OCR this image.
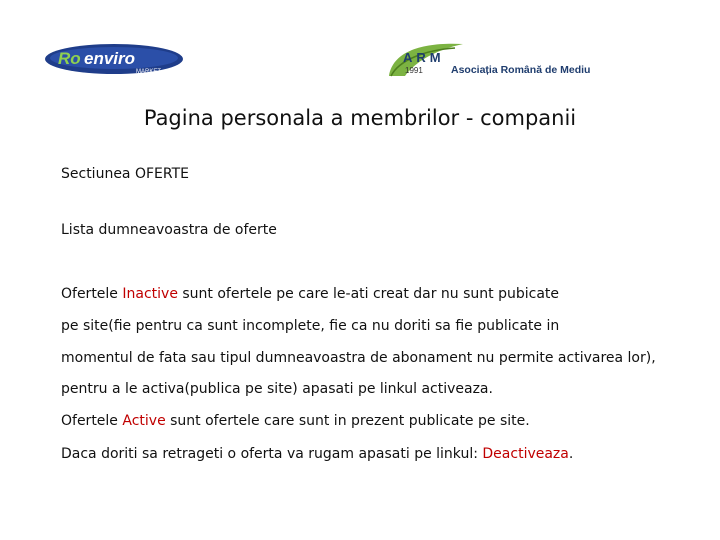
Ro enviro
MARKET
ARM
1991	Asociația Română de Mediu
Pagina personala a membrilor - companii
Sectiunea OFERTE
Lista dumneavoastra de oferte
Ofertele Inactive sunt ofertele pe care le-ati creat dar nu sunt pubicate
pe site(fie pentru ca sunt incomplete, fie ca nu doriti sa fie publicate in
momentul de fata sau tipul dumneavoastra de abonament nu permite activarea lor),
pentru a le activa(publica pe site) apasati pe linkul activeaza.
Ofertele Active sunt ofertele care sunt in prezent publicate pe site.
Daca doriti sa retrageti o oferta va rugam apasati pe linkul: Deactiveaza.
